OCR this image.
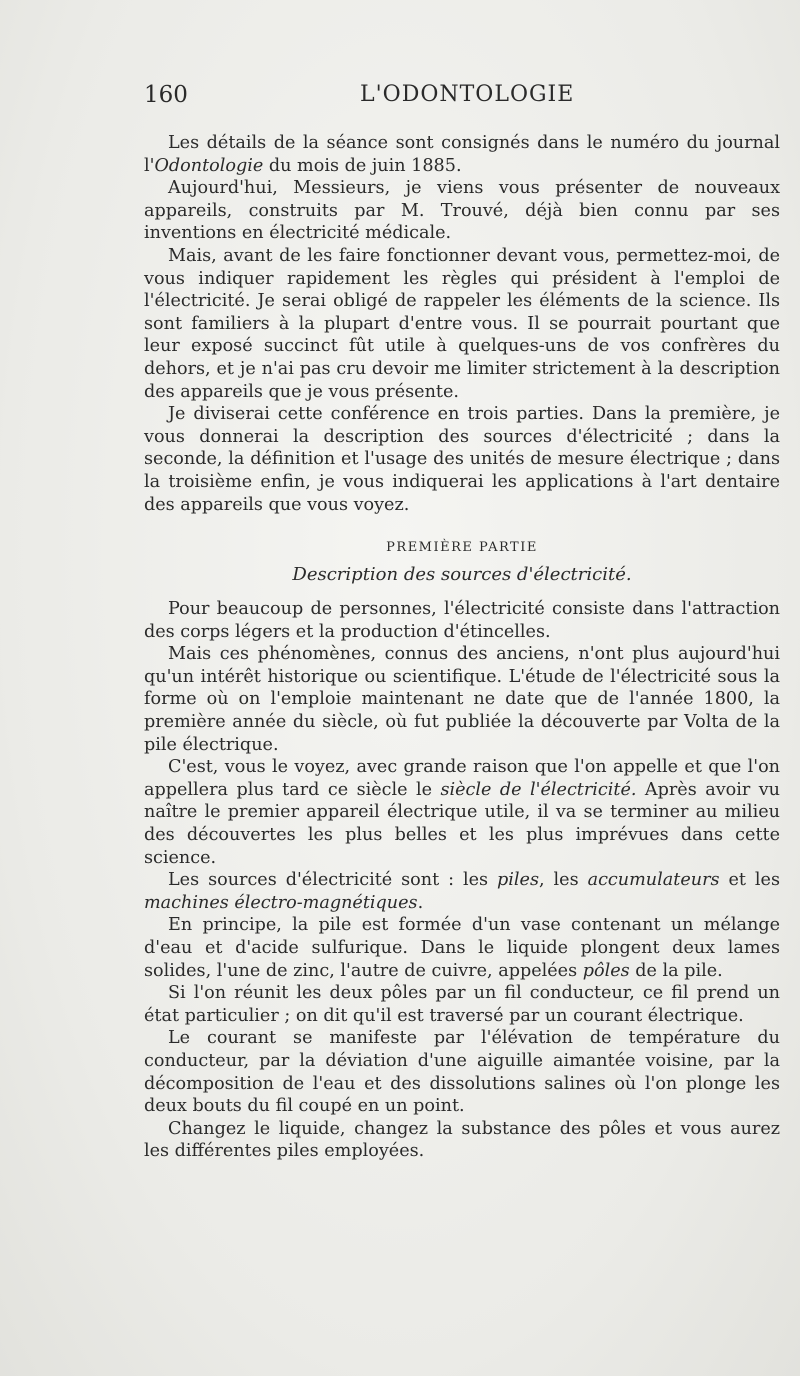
160	L'ODONTOLOGIE

Les détails de la séance sont consignés dans le numéro du journal l'Odontologie du mois de juin 1885.

Aujourd'hui, Messieurs, je viens vous présenter de nouveaux appareils, construits par M. Trouvé, déjà bien connu par ses inventions en électricité médicale.

Mais, avant de les faire fonctionner devant vous, permettez-moi, de vous indiquer rapidement les règles qui président à l'emploi de l'électricité. Je serai obligé de rappeler les éléments de la science. Ils sont familiers à la plupart d'entre vous. Il se pourrait pourtant que leur exposé succinct fût utile à quelques-uns de vos confrères du dehors, et je n'ai pas cru devoir me limiter strictement à la description des appareils que je vous présente.

Je diviserai cette conférence en trois parties. Dans la première, je vous donnerai la description des sources d'électricité ; dans la seconde, la définition et l'usage des unités de mesure électrique ; dans la troisième enfin, je vous indiquerai les applications à l'art dentaire des appareils que vous voyez.

PREMIÈRE PARTIE
Description des sources d'électricité.

Pour beaucoup de personnes, l'électricité consiste dans l'attraction des corps légers et la production d'étincelles.

Mais ces phénomènes, connus des anciens, n'ont plus aujourd'hui qu'un intérêt historique ou scientifique. L'étude de l'électricité sous la forme où on l'emploie maintenant ne date que de l'année 1800, la première année du siècle, où fut publiée la découverte par Volta de la pile électrique.

C'est, vous le voyez, avec grande raison que l'on appelle et que l'on appellera plus tard ce siècle le siècle de l'électricité. Après avoir vu naître le premier appareil électrique utile, il va se terminer au milieu des découvertes les plus belles et les plus imprévues dans cette science.

Les sources d'électricité sont : les piles, les accumulateurs et les machines électro-magnétiques.

En principe, la pile est formée d'un vase contenant un mélange d'eau et d'acide sulfurique. Dans le liquide plongent deux lames solides, l'une de zinc, l'autre de cuivre, appelées pôles de la pile.

Si l'on réunit les deux pôles par un fil conducteur, ce fil prend un état particulier ; on dit qu'il est traversé par un courant électrique.

Le courant se manifeste par l'élévation de température du conducteur, par la déviation d'une aiguille aimantée voisine, par la décomposition de l'eau et des dissolutions salines où l'on plonge les deux bouts du fil coupé en un point.

Changez le liquide, changez la substance des pôles et vous aurez les différentes piles employées.
